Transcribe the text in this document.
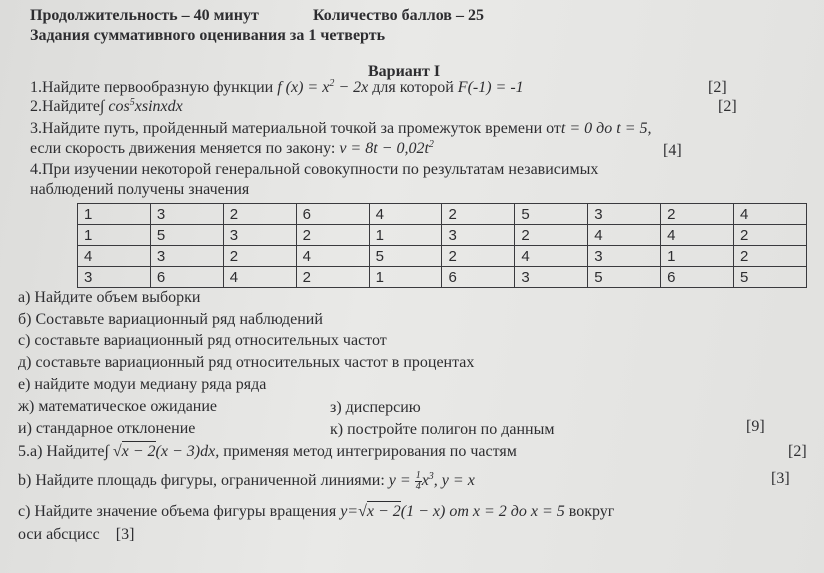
Продолжительность – 40 минут	Количество баллов – 25
Задания суммативного оценивания за 1 четверть
Вариант I
1.Найдите первообразную функции f $(x) = x^2 - 2x$ для которой F(-1) = -1	[2]
2.Найдите∫ $\cos^5xsinxdx$	[2]
3.Найдите путь, пройденный материальной точкой за промежуток времени отt = 0 до t = 5,
если скорость движения меняется по закону: $v = 8t - 0,02t^2$	[4]
4.При изучении некоторой генеральной совокупности по результатам независимых
наблюдений получены значения
1	3	2	6	4	2	5	3	2	4
1	5	3	2	1	3	2	4	4	2
4	3	2	4	5	2	4	3	1	2
3	6	4	2	1	6	3	5	6	5
а) Найдите объем выборки
б) Составьте вариационный ряд наблюдений
с) составьте вариационный ряд относительных частот
д) составьте вариационный ряд относительных частот в процентах
е) найдите модуи медиану ряда ряда
ж) математическое ожидание	з) дисперсию
и) стандарное отклонение	к) постройте полигон по данным	[9]
5.а) Найдите∫ √x − 2(x − 3)dx, применяя метод интегрирования по частям	[2]
b) Найдите площадь фигуры, ограниченной линиями: $y = \frac{1}{4} x^3$, y = x	[3]
c) Найдите значение объема фигуры вращения y=√x − 2(1 − x) от x = 2 до x = 5 вокруг
оси абсцисс [3]
